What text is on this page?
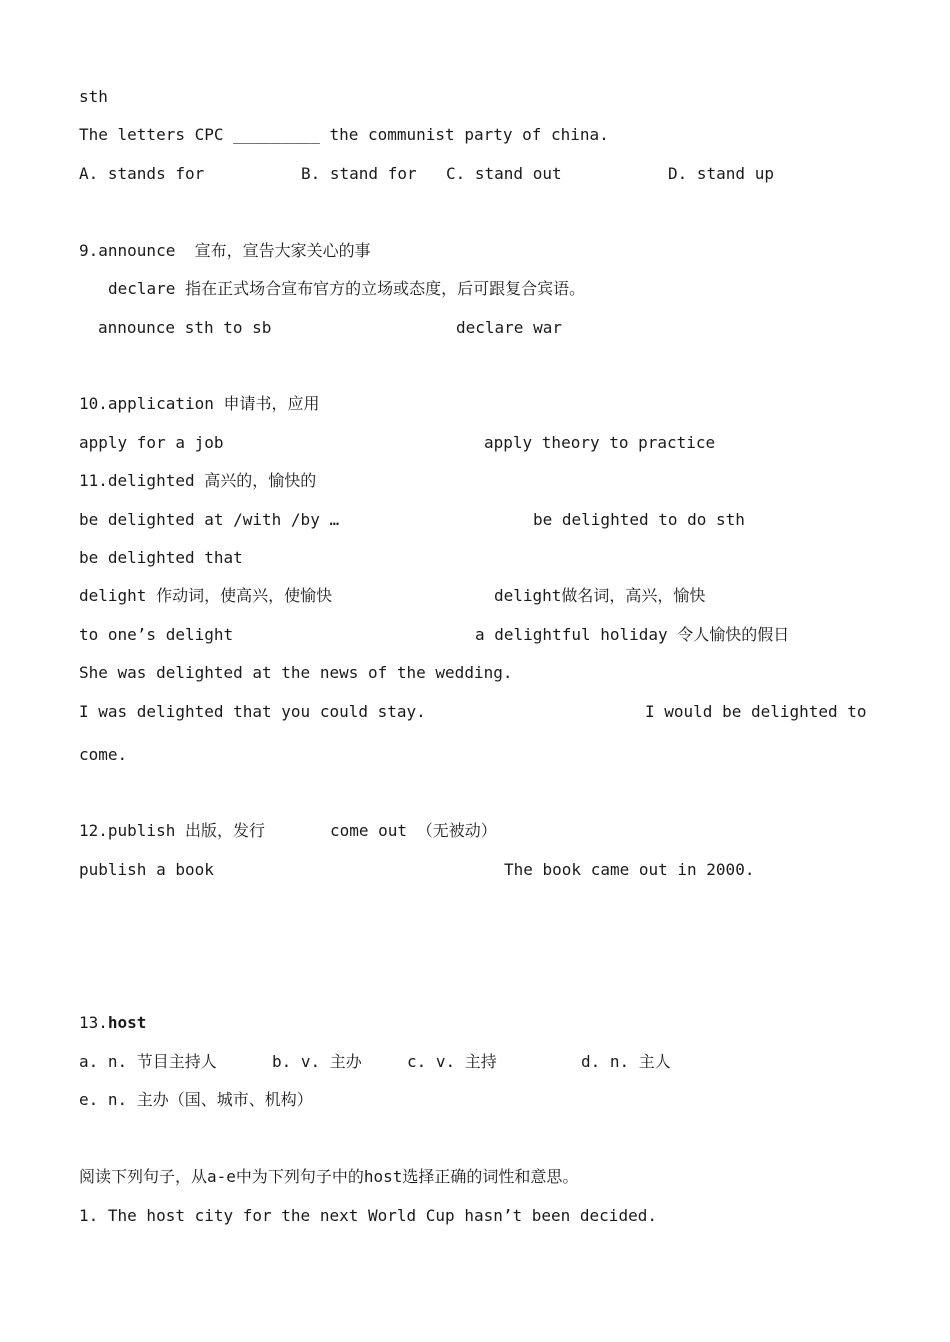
sth
The letters CPC _________ the communist party of china.
A. stands for	B. stand for C. stand out	D. stand up
9.announce  宣布，宣告大家关心的事
declare 指在正式场合宣布官方的立场或态度，后可跟复合宾语。
announce sth to sb	declare war
10.application 申请书，应用
apply for a job	apply theory to practice
11.delighted 高兴的，愉快的
be delighted at /with /by …	be delighted to do sth
be delighted that
delight 作动词，使高兴，使愉快	delight做名词，高兴，愉快
to one’s delight	a delightful holiday 令人愉快的假日
She was delighted at the news of the wedding.
I was delighted that you could stay.	I would be delighted to
come.
12.publish 出版，发行	come out （无被动）
publish a book	The book came out in 2000.
13.host
a. n. 节目主持人	b. v. 主办	c. v. 主持	d. n. 主人
e. n. 主办（国、城市、机构）
阅读下列句子，从a-e中为下列句子中的host选择正确的词性和意思。
1. The host city for the next World Cup hasn’t been decided.
